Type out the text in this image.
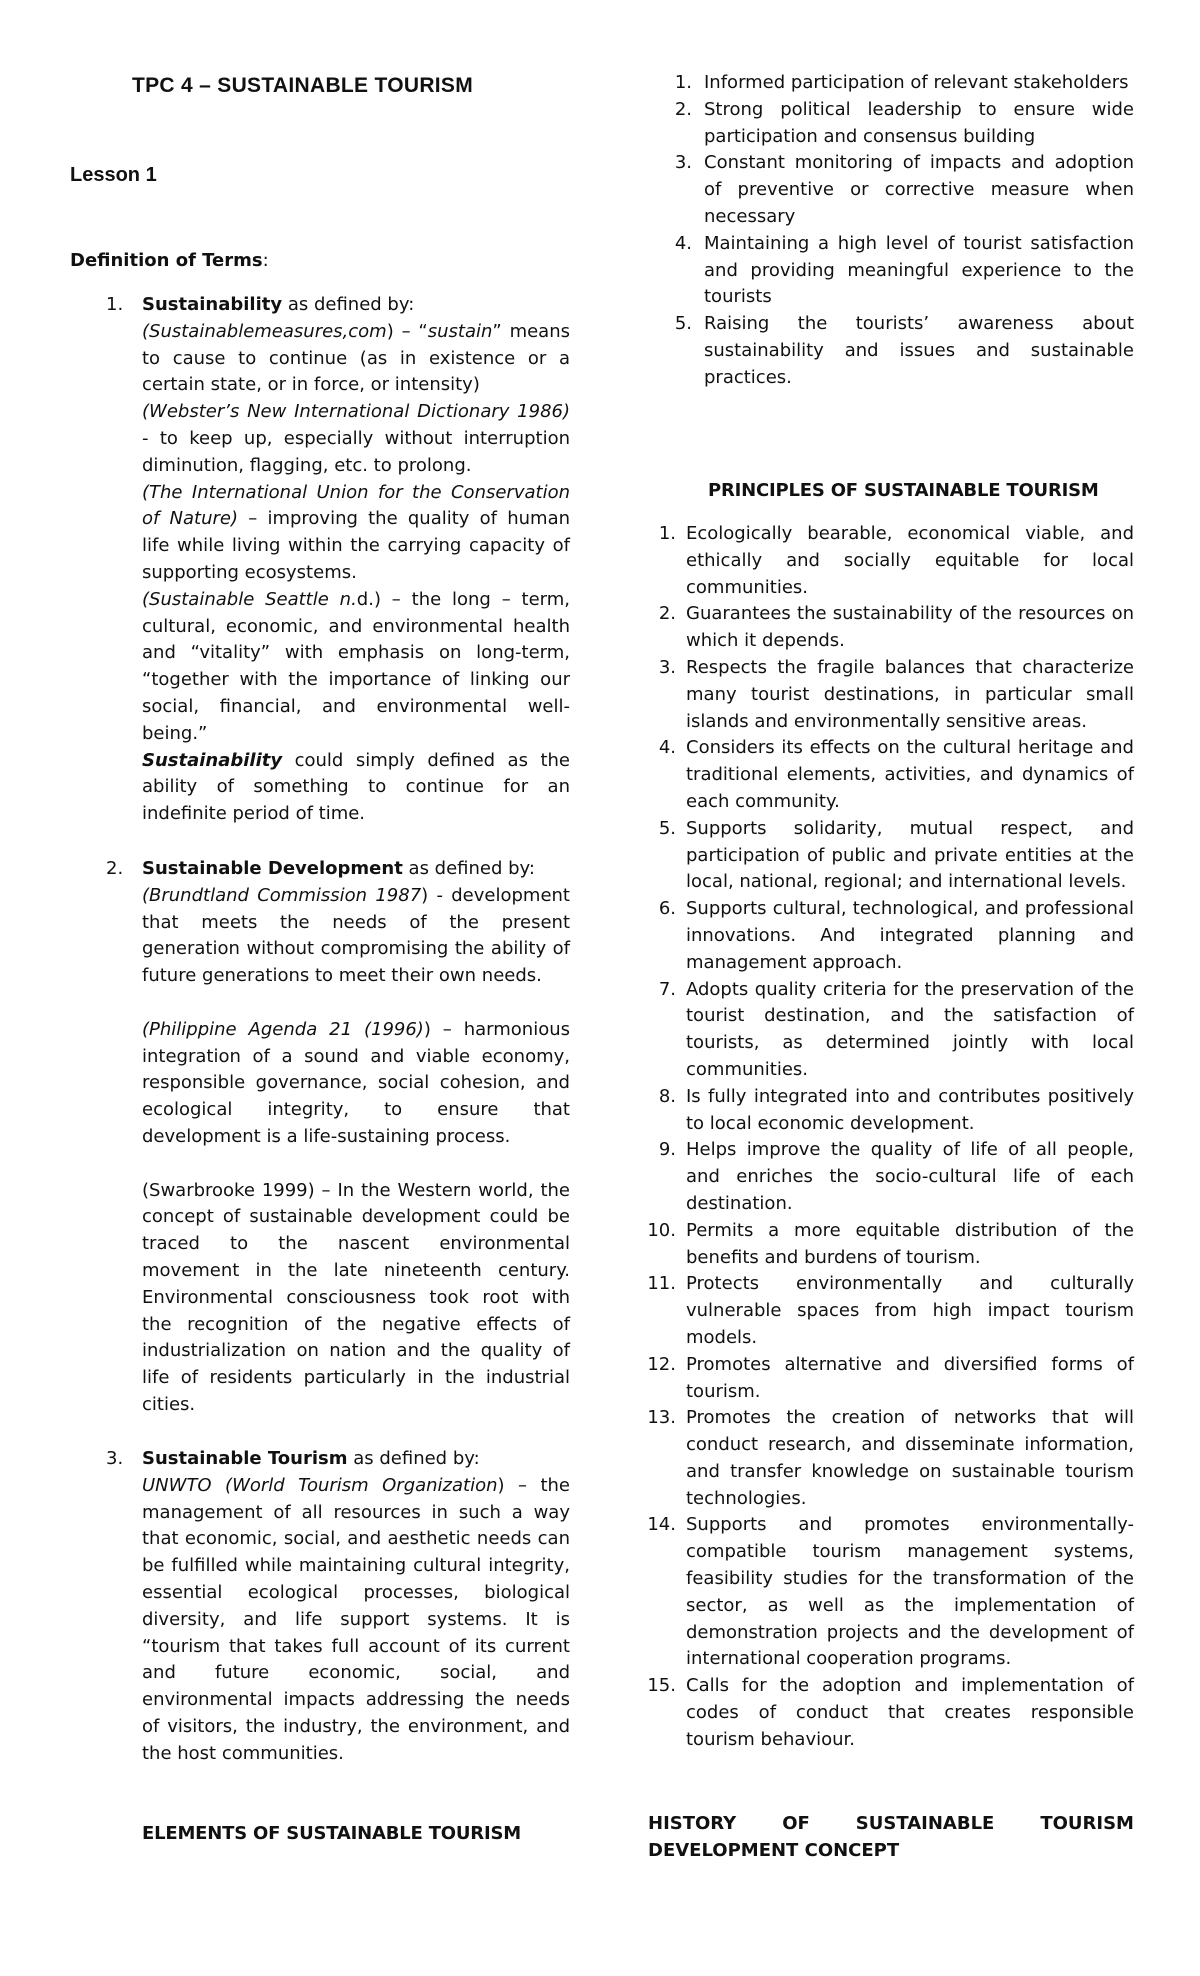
TPC 4 – SUSTAINABLE TOURISM
Lesson 1
Definition of Terms:
1. Sustainability as defined by:

(Sustainablemeasures,com) – “sustain” means to cause to continue (as in existence or a certain state, or in force, or intensity)

(Webster’s New International Dictionary 1986) - to keep up, especially without interruption diminution, flagging, etc. to prolong.

(The International Union for the Conservation of Nature) – improving the quality of human life while living within the carrying capacity of supporting ecosystems.

(Sustainable Seattle n.d.) – the long – term, cultural, economic, and environmental health and “vitality” with emphasis on long-term, “together with the importance of linking our social, financial, and environmental well-being.”

Sustainability could simply defined as the ability of something to continue for an indefinite period of time.

2. Sustainable Development as defined by:

(Brundtland Commission 1987) - development that meets the needs of the present generation without compromising the ability of future generations to meet their own needs.

(Philippine Agenda 21 (1996)) – harmonious integration of a sound and viable economy, responsible governance, social cohesion, and ecological integrity, to ensure that development is a life-sustaining process.

(Swarbrooke 1999) – In the Western world, the concept of sustainable development could be traced to the nascent environmental movement in the late nineteenth century. Environmental consciousness took root with the recognition of the negative effects of industrialization on nation and the quality of life of residents particularly in the industrial cities.

3. Sustainable Tourism as defined by:

UNWTO (World Tourism Organization) – the management of all resources in such a way that economic, social, and aesthetic needs can be fulfilled while maintaining cultural integrity, essential ecological processes, biological diversity, and life support systems. It is “tourism that takes full account of its current and future economic, social, and environmental impacts addressing the needs of visitors, the industry, the environment, and the host communities.

ELEMENTS OF SUSTAINABLE TOURISM
1. Informed participation of relevant stakeholders
2. Strong political leadership to ensure wide participation and consensus building
3. Constant monitoring of impacts and adoption of preventive or corrective measure when necessary
4. Maintaining a high level of tourist satisfaction and providing meaningful experience to the tourists
5. Raising the tourists’ awareness about sustainability and issues and sustainable practices.
PRINCIPLES OF SUSTAINABLE TOURISM
1. Ecologically bearable, economical viable, and ethically and socially equitable for local communities.
2. Guarantees the sustainability of the resources on which it depends.
3. Respects the fragile balances that characterize many tourist destinations, in particular small islands and environmentally sensitive areas.
4. Considers its effects on the cultural heritage and traditional elements, activities, and dynamics of each community.
5. Supports solidarity, mutual respect, and participation of public and private entities at the local, national, regional; and international levels.
6. Supports cultural, technological, and professional innovations. And integrated planning and management approach.
7. Adopts quality criteria for the preservation of the tourist destination, and the satisfaction of tourists, as determined jointly with local communities.
8. Is fully integrated into and contributes positively to local economic development.
9. Helps improve the quality of life of all people, and enriches the socio-cultural life of each destination.
10. Permits a more equitable distribution of the benefits and burdens of tourism.
11. Protects environmentally and culturally vulnerable spaces from high impact tourism models.
12. Promotes alternative and diversified forms of tourism.
13. Promotes the creation of networks that will conduct research, and disseminate information, and transfer knowledge on sustainable tourism technologies.
14. Supports and promotes environmentally-compatible tourism management systems, feasibility studies for the transformation of the sector, as well as the implementation of demonstration projects and the development of international cooperation programs.
15. Calls for the adoption and implementation of codes of conduct that creates responsible tourism behaviour.
HISTORY	OF	SUSTAINABLE	TOURISM
DEVELOPMENT CONCEPT
